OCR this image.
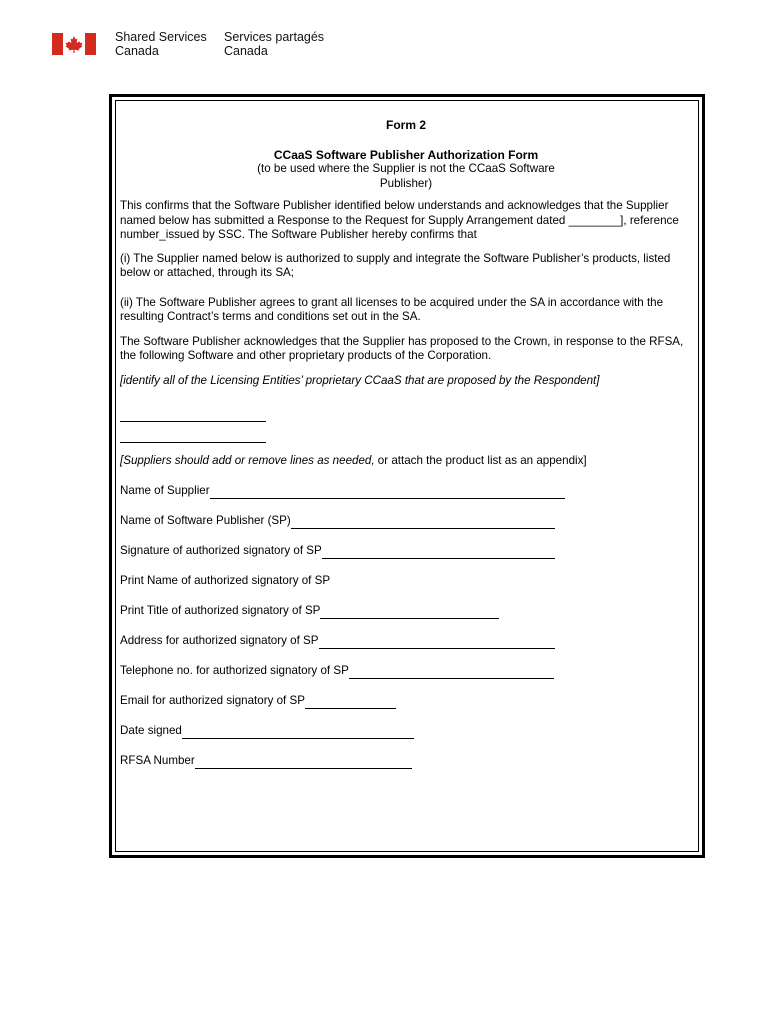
Shared Services
Canada
Services partagés
Canada

Form 2

CCaaS Software Publisher Authorization Form

(to be used where the Supplier is not the CCaaS Software

Publisher)

This confirms that the Software Publisher identified below understands and acknowledges that the Supplier named below has submitted a Response to the Request for Supply Arrangement dated ________], reference number_issued by SSC. The Software Publisher hereby confirms that

(i) The Supplier named below is authorized to supply and integrate the Software Publisher’s products, listed below or attached, through its SA;

(ii) The Software Publisher agrees to grant all licenses to be acquired under the SA in accordance with the resulting Contract’s terms and conditions set out in the SA.

The Software Publisher acknowledges that the Supplier has proposed to the Crown, in response to the RFSA, the following Software and other proprietary products of the Corporation.

[identify all of the Licensing Entities’ proprietary CCaaS that are proposed by the Respondent]

[Suppliers should add or remove lines as needed, or attach the product list as an appendix]

Name of Supplier
Name of Software Publisher (SP)
Signature of authorized signatory of SP
Print Name of authorized signatory of SP
Print Title of authorized signatory of SP
Address for authorized signatory of SP
Telephone no. for authorized signatory of SP
Email for authorized signatory of SP
Date signed
RFSA Number
